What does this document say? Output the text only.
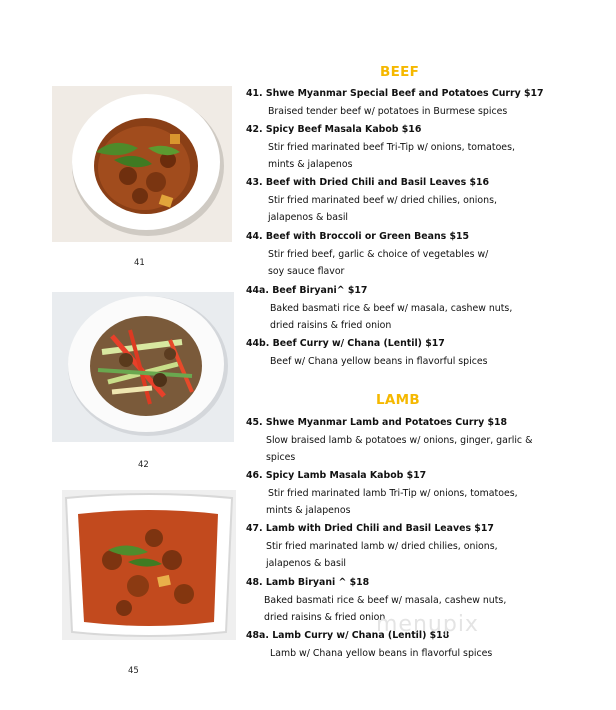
41
42
45
BEEF
41. Shwe Myanmar Special Beef and Potatoes Curry $17
Braised tender beef w/ potatoes in Burmese spices
42. Spicy Beef Masala Kabob $16
Stir fried marinated beef Tri-Tip w/ onions, tomatoes,
mints & jalapenos
43. Beef with Dried Chili and Basil Leaves $16
Stir fried marinated beef w/ dried chilies, onions,
jalapenos & basil
44. Beef with Broccoli or Green Beans $15
Stir fried beef, garlic & choice of vegetables w/
soy sauce flavor
44a. Beef Biryani^ $17
Baked basmati rice & beef w/ masala, cashew nuts,
dried raisins & fried onion
44b. Beef Curry w/ Chana (Lentil) $17
Beef w/ Chana yellow beans in flavorful spices
LAMB
45. Shwe Myanmar Lamb and Potatoes Curry $18
Slow braised lamb & potatoes w/ onions, ginger, garlic &
spices
46. Spicy Lamb Masala Kabob $17
Stir fried marinated lamb Tri-Tip w/ onions, tomatoes,
mints & jalapenos
47. Lamb with Dried Chili and Basil Leaves $17
Stir fried marinated lamb w/ dried chilies, onions,
jalapenos & basil
48. Lamb Biryani ^ $18
Baked basmati rice & beef w/ masala, cashew nuts,
dried raisins & fried onion
48a. Lamb Curry w/ Chana (Lentil) $18
Lamb w/ Chana yellow beans in flavorful spices
menupix
